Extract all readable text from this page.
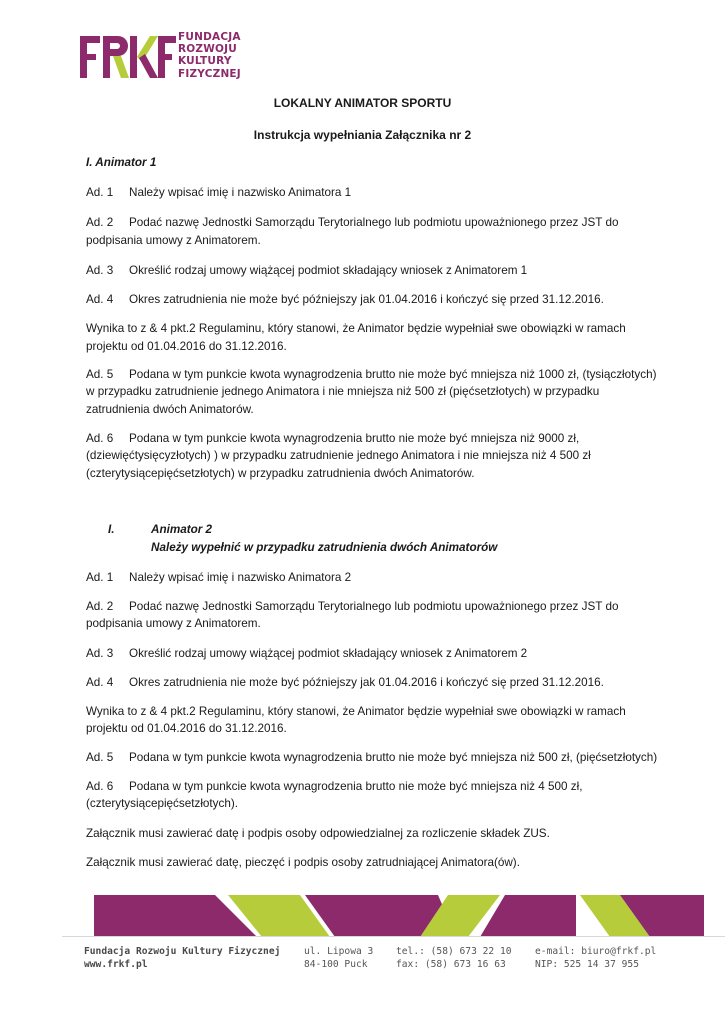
FUNDACJA
ROZWOJU
KULTURY
FIZYCZNEJ
LOKALNY ANIMATOR SPORTU
Instrukcja wypełniania Załącznika nr 2
I. Animator 1
Ad. 1 Należy wpisać imię i nazwisko Animatora 1
Ad. 2 Podać nazwę Jednostki Samorządu Terytorialnego lub podmiotu upoważnionego przez JST do
podpisania umowy z Animatorem.
Ad. 3 Określić rodzaj umowy wiążącej podmiot składający wniosek z Animatorem 1
Ad. 4 Okres zatrudnienia nie może być późniejszy jak 01.04.2016 i kończyć się przed 31.12.2016.
Wynika to z & 4 pkt.2 Regulaminu, który stanowi, że Animator będzie wypełniał swe obowiązki w ramach
projektu od 01.04.2016 do 31.12.2016.
Ad. 5 Podana w tym punkcie kwota wynagrodzenia brutto nie może być mniejsza niż 1000 zł, (tysiączłotych)
w przypadku zatrudnienie jednego Animatora i nie mniejsza niż 500 zł (pięćsetzłotych) w przypadku
zatrudnienia dwóch Animatorów.
Ad. 6 Podana w tym punkcie kwota wynagrodzenia brutto nie może być mniejsza niż 9000 zł,
(dziewięćtysięcyzłotych) ) w przypadku zatrudnienie jednego Animatora i nie mniejsza niż 4 500 zł
(czterytysiącepięćsetzłotych) w przypadku zatrudnienia dwóch Animatorów.
I.	Animator 2
Należy wypełnić w przypadku zatrudnienia dwóch Animatorów
Ad. 1 Należy wpisać imię i nazwisko Animatora 2
Ad. 2 Podać nazwę Jednostki Samorządu Terytorialnego lub podmiotu upoważnionego przez JST do
podpisania umowy z Animatorem.
Ad. 3 Określić rodzaj umowy wiążącej podmiot składający wniosek z Animatorem 2
Ad. 4 Okres zatrudnienia nie może być późniejszy jak 01.04.2016 i kończyć się przed 31.12.2016.
Wynika to z & 4 pkt.2 Regulaminu, który stanowi, że Animator będzie wypełniał swe obowiązki w ramach
projektu od 01.04.2016 do 31.12.2016.
Ad. 5 Podana w tym punkcie kwota wynagrodzenia brutto nie może być mniejsza niż 500 zł, (pięćsetzłotych)
Ad. 6 Podana w tym punkcie kwota wynagrodzenia brutto nie może być mniejsza niż 4 500 zł,
(czterytysiącepięćsetzłotych).
Załącznik musi zawierać datę i podpis osoby odpowiedzialnej za rozliczenie składek ZUS.
Załącznik musi zawierać datę, pieczęć i podpis osoby zatrudniającej Animatora(ów).
Fundacja Rozwoju Kultury Fizycznej
www.frkf.pl
ul. Lipowa 3
84-100 Puck
tel.: (58) 673 22 10
fax: (58) 673 16 63
e-mail: biuro@frkf.pl
NIP: 525 14 37 955
